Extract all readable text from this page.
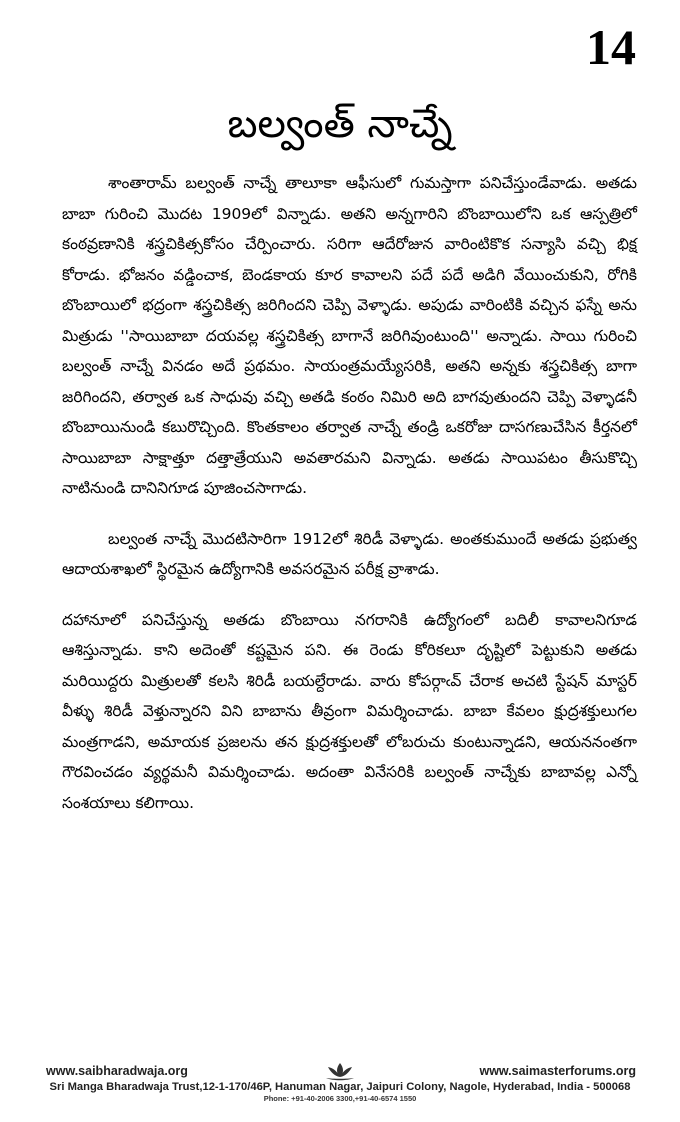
14
బల్వంత్ నాచ్నే

శాంతారామ్ బల్వంత్ నాచ్నే తాలూకా ఆఫీసులో గుమస్తాగా పనిచేస్తుండేవాడు. అతడు బాబా గురించి మొదట 1909లో విన్నాడు. అతని అన్నగారిని బొంబాయిలోని ఒక ఆస్పత్రిలో కంఠవ్రణానికి శస్త్రచికిత్సకోసం చేర్పించారు. సరిగా ఆదేరోజున వారింటికొక సన్యాసి వచ్చి భిక్ష కోరాడు. భోజనం వడ్డించాక, బెండకాయ కూర కావాలని పదే పదే అడిగి వేయించుకుని, రోగికి బొంబాయిలో భద్రంగా శస్త్రచికిత్స జరిగిందని చెప్పి వెళ్ళాడు. అపుడు వారింటికి వచ్చిన ఫస్నే అను మిత్రుడు ''సాయిబాబా దయవల్ల శస్త్రచికిత్స బాగానే జరిగివుంటుంది'' అన్నాడు. సాయి గురించి బల్వంత్ నాచ్నే వినడం అదే ప్రథమం. సాయంత్రమయ్యేసరికి, అతని అన్నకు శస్త్రచికిత్స బాగా జరిగిందని, తర్వాత ఒక సాధువు వచ్చి అతడి కంఠం నిమిరి అది బాగవుతుందని చెప్పి వెళ్ళాడనీ బొంబాయినుండి కబురొచ్చింది. కొంతకాలం తర్వాత నాచ్నే తండ్రి ఒకరోజు దాసగణుచేసిన కీర్తనలో సాయిబాబా సాక్షాత్తూ దత్తాత్రేయుని అవతారమని విన్నాడు. అతడు సాయిపటం తీసుకొచ్చి నాటినుండి దానినిగూడ పూజించసాగాడు.

బల్వంత నాచ్నే మొదటిసారిగా 1912లో శిరిడీ వెళ్ళాడు. అంతకుముందే అతడు ప్రభుత్వ ఆదాయశాఖలో స్థిరమైన ఉద్యోగానికి అవసరమైన పరీక్ష వ్రాశాడు.

దహానూలో పనిచేస్తున్న అతడు బొంబాయి నగరానికి ఉద్యోగంలో బదిలీ కావాలనిగూడ ఆశిస్తున్నాడు. కాని అదెంతో కష్టమైన పని. ఈ రెండు కోరికలూ దృష్టిలో పెట్టుకుని అతడు మరియిద్దరు మిత్రులతో కలసి శిరిడీ బయల్దేరాడు. వారు కోపర్గాఁవ్ చేరాక అచటి స్టేషన్ మాస్టర్ వీళ్ళు శిరిడీ వెళ్తున్నారని విని బాబాను తీవ్రంగా విమర్శించాడు. బాబా కేవలం క్షుద్రశక్తులుగల మంత్రగాడని, అమాయక ప్రజలను తన క్షుద్రశక్తులతో లోబరుచు కుంటున్నాడని, ఆయననంతగా గౌరవించడం వ్యర్థమనీ విమర్శించాడు. అదంతా వినేసరికి బల్వంత్ నాచ్నేకు బాబావల్ల ఎన్నో సంశయాలు కలిగాయి.

www.saibharadwaja.org	www.saimasterforums.org
Sri Manga Bharadwaja Trust,12-1-170/46P, Hanuman Nagar, Jaipuri Colony, Nagole, Hyderabad, India - 500068
Phone: +91-40-2006 3300,+91-40-6574 1550
